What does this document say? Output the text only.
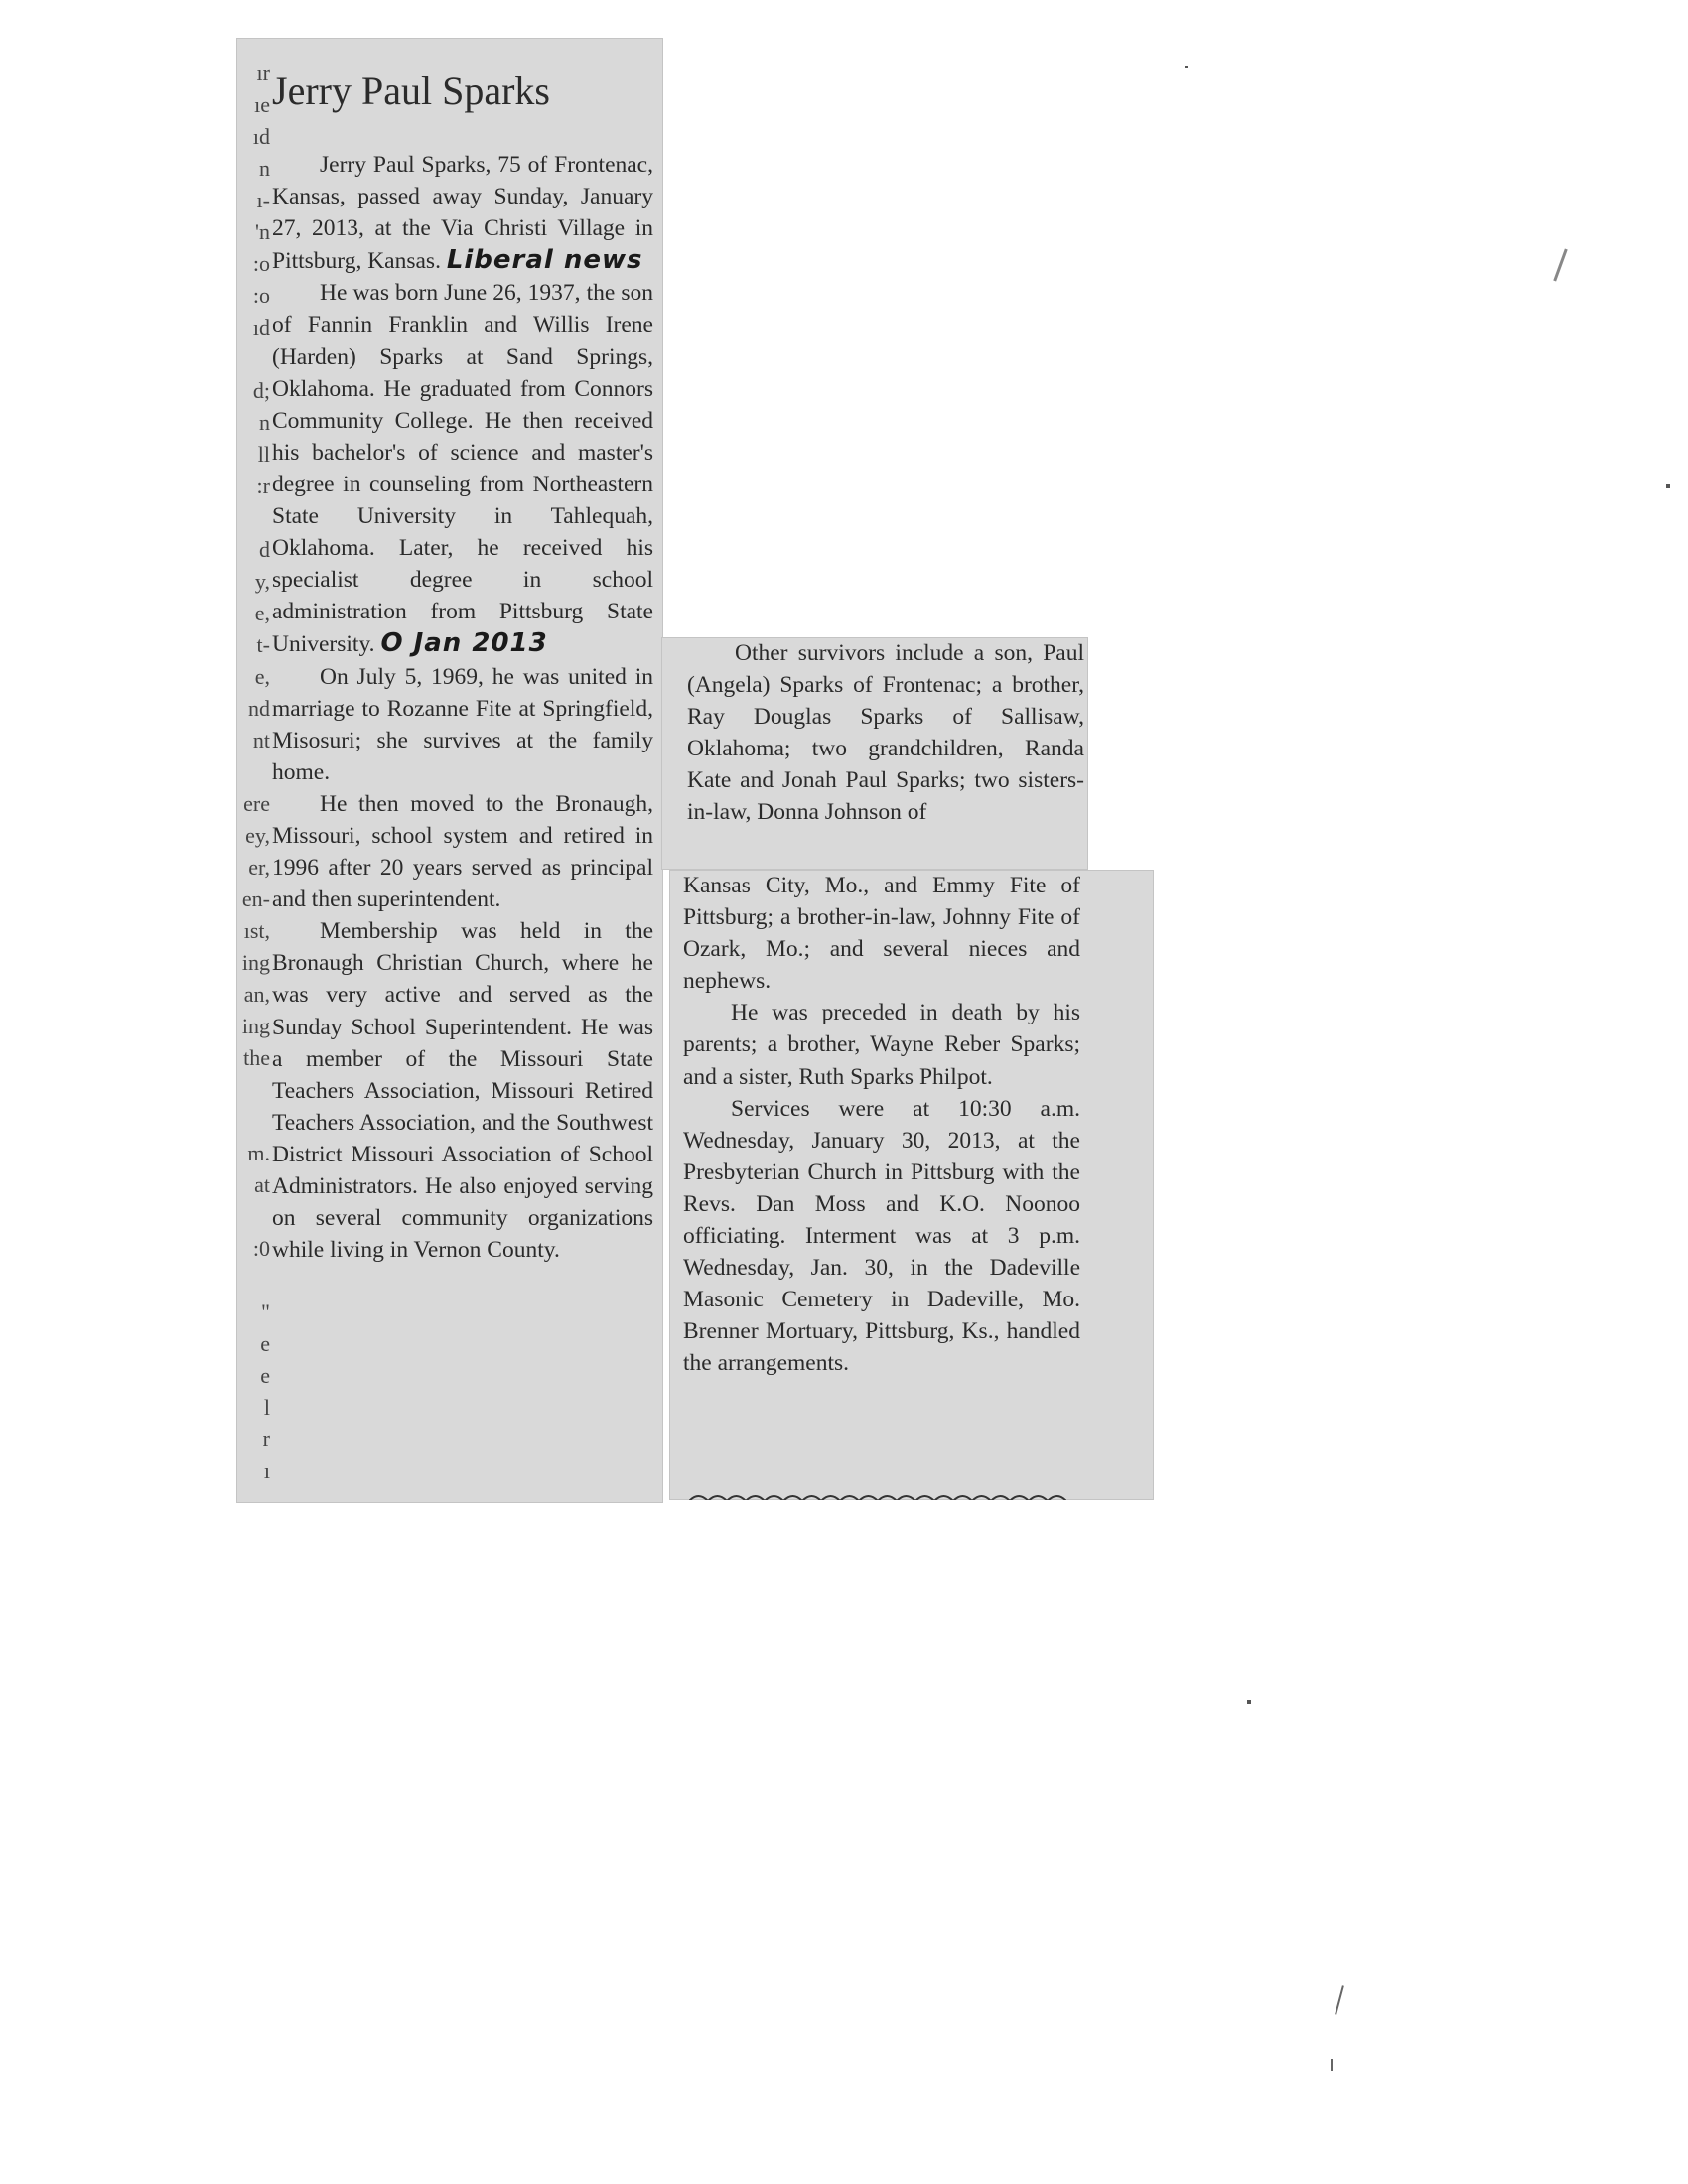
ır
ıe
ıd
n
ı-
'n
:o
:o
ıd
d;
n
ll
:r
d
y,
e,
t-
e,
nd
nt
ere
ey,
er,
en-
ıst,
ing
an,
ing
the
m.
at
:0
"
e
e
l
r
ı
Jerry Paul Sparks

Jerry Paul Sparks, 75 of Frontenac, Kansas, passed away Sunday, January 27, 2013, at the Via Christi Village in Pittsburg, Kansas. Liberal news

He was born June 26, 1937, the son of Fannin Franklin and Willis Irene (Harden) Sparks at Sand Springs, Oklahoma. He graduated from Connors Community College. He then received his bachelor's of science and master's degree in counseling from Northeastern State University in Tahlequah, Oklahoma. Later, he received his specialist degree in school administration from Pittsburg State University. O Jan 2013

On July 5, 1969, he was united in marriage to Rozanne Fite at Springfield, Misosuri; she survives at the family home.

He then moved to the Bronaugh, Missouri, school system and retired in 1996 after 20 years served as principal and then superintendent.

Membership was held in the Bronaugh Christian Church, where he was very active and served as the Sunday School Superintendent. He was a member of the Missouri State Teachers Association, Missouri Retired Teachers Association, and the Southwest District Missouri Association of School Administrators. He also enjoyed serving on several community organizations while living in Vernon County.

Other survivors include a son, Paul (Angela) Sparks of Frontenac; a brother, Ray Douglas Sparks of Sallisaw, Oklahoma; two grandchildren, Randa Kate and Jonah Paul Sparks; two sisters-in-law, Donna Johnson of

Kansas City, Mo., and Emmy Fite of Pittsburg; a brother-in-law, Johnny Fite of Ozark, Mo.; and several nieces and nephews.

He was preceded in death by his parents; a brother, Wayne Reber Sparks; and a sister, Ruth Sparks Philpot.

Services were at 10:30 a.m. Wednesday, January 30, 2013, at the Presbyterian Church in Pittsburg with the Revs. Dan Moss and K.O. Noonoo officiating. Interment was at 3 p.m. Wednesday, Jan. 30, in the Dadeville Masonic Cemetery in Dadeville, Mo. Brenner Mortuary, Pittsburg, Ks., handled the arrangements.
